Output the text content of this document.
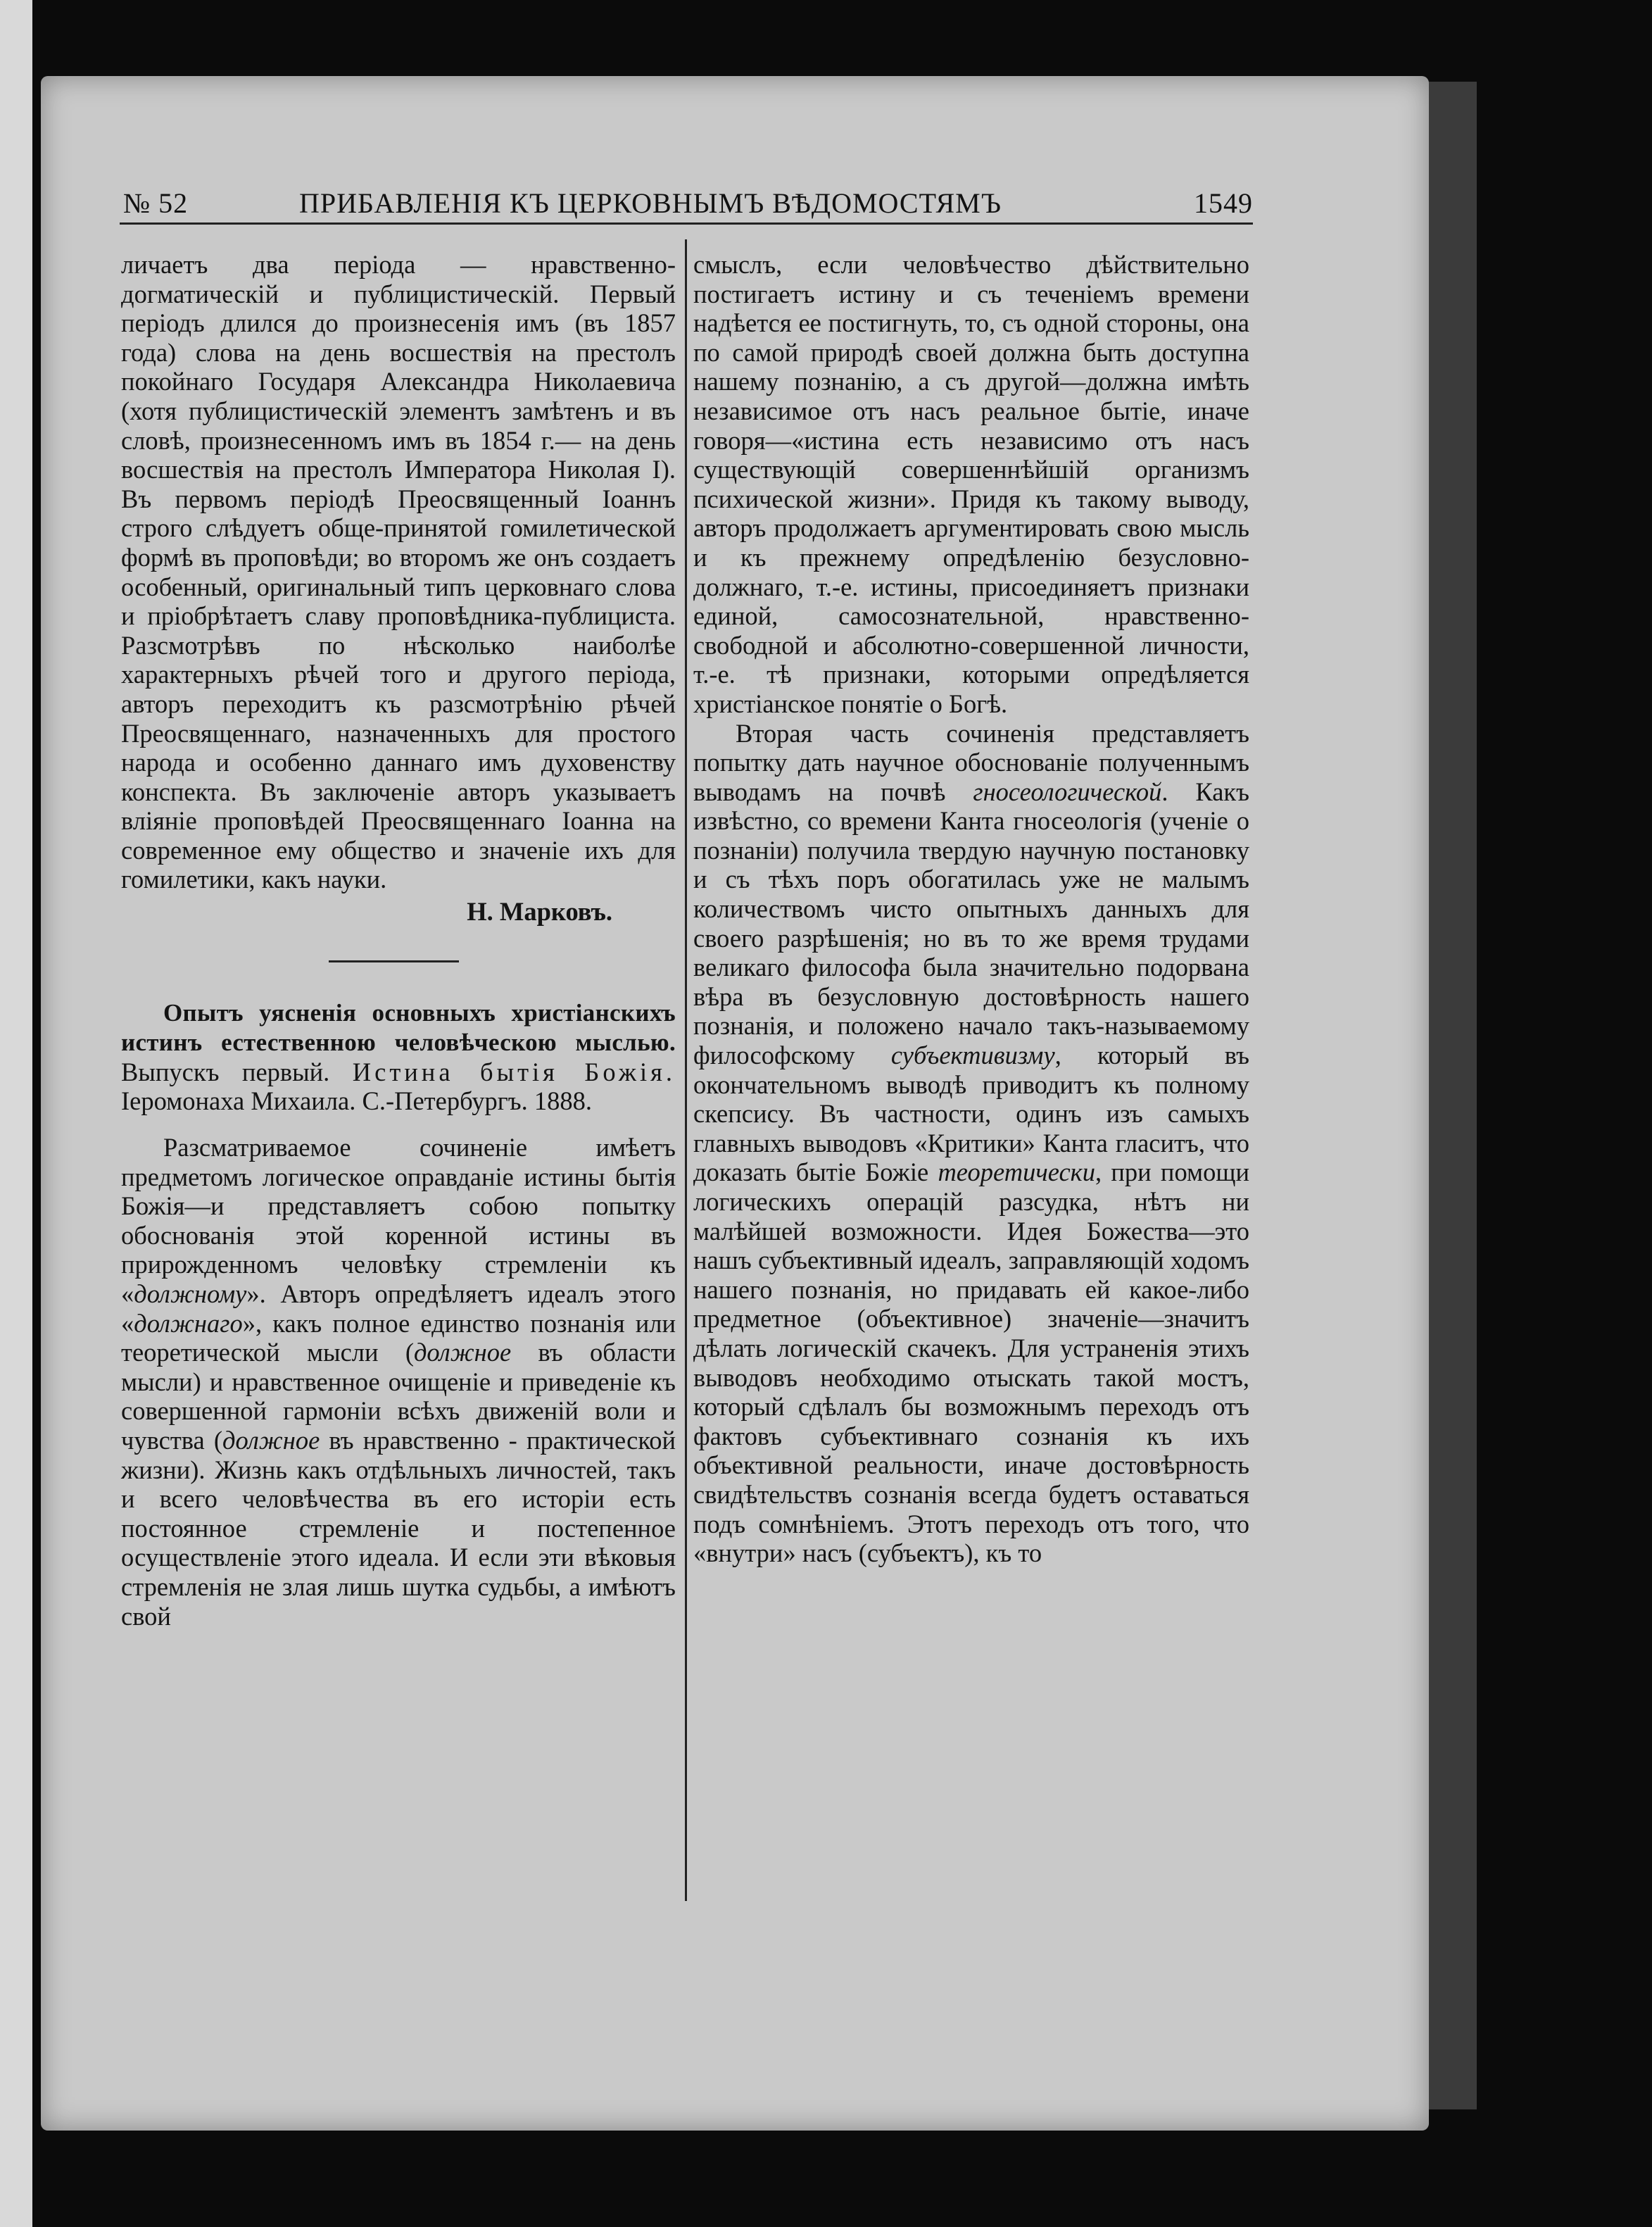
№ 52	ПРИБАВЛЕНІЯ КЪ ЦЕРКОВНЫМЪ ВѢДОМОСТЯМЪ	1549

личаетъ два періода — нравственно-догматическій и публицистическій. Первый періодъ длился до произнесенія имъ (въ 1857 года) слова на день восшествія на престолъ покойнаго Государя Александра Николаевича (хотя публицистическій элементъ замѣтенъ и въ словѣ, произнесенномъ имъ въ 1854 г.— на день восшествія на престолъ Императора Николая I). Въ первомъ періодѣ Преосвященный Іоаннъ строго слѣдуетъ обще-принятой гомилетической формѣ въ проповѣди; во второмъ же онъ создаетъ особенный, оригинальный типъ церковнаго слова и пріобрѣтаетъ славу проповѣдника-публициста. Разсмотрѣвъ по нѣсколько наиболѣе характерныхъ рѣчей того и другого періода, авторъ переходитъ къ разсмотрѣнію рѣчей Преосвященнаго, назначенныхъ для простого народа и особенно даннаго имъ духовенству конспекта. Въ заключеніе авторъ указываетъ вліяніе проповѣдей Преосвященнаго Іоанна на современное ему общество и значеніе ихъ для гомилетики, какъ науки.

Н. Марковъ.

Опытъ уясненія основныхъ христіанскихъ истинъ естественною человѣческою мыслью. Выпускъ первый. Истина бытія Божія. Іеромонаха Михаила. С.-Петербургъ. 1888.

Разсматриваемое сочиненіе имѣетъ предметомъ логическое оправданіе истины бытія Божія—и представляетъ собою попытку обоснованія этой коренной истины въ прирожденномъ человѣку стремленіи къ «должному». Авторъ опредѣляетъ идеалъ этого «должнаго», какъ полное единство познанія или теоретической мысли (должное въ области мысли) и нравственное очищеніе и приведеніе къ совершенной гармоніи всѣхъ движеній воли и чувства (должное въ нравственно - практической жизни). Жизнь какъ отдѣльныхъ личностей, такъ и всего человѣчества въ его исторіи есть постоянное стремленіе и постепенное осуществленіе этого идеала. И если эти вѣковыя стремленія не злая лишь шутка судьбы, а имѣютъ свой

смыслъ, если человѣчество дѣйствительно постигаетъ истину и съ теченіемъ времени надѣется ее постигнуть, то, съ одной стороны, она по самой природѣ своей должна быть доступна нашему познанію, а съ другой—должна имѣть независимое отъ насъ реальное бытіе, иначе говоря—«истина есть независимо отъ насъ существующій совершеннѣйшій организмъ психической жизни». Придя къ такому выводу, авторъ продолжаетъ аргументировать свою мысль и къ прежнему опредѣленію безусловно-должнаго, т.-е. истины, присоединяетъ признаки единой, самосознательной, нравственно-свободной и абсолютно-совершенной личности, т.-е. тѣ признаки, которыми опредѣляется христіанское понятіе о Богѣ.

Вторая часть сочиненія представляетъ попытку дать научное обоснованіе полученнымъ выводамъ на почвѣ гносеологической. Какъ извѣстно, со времени Канта гносеологія (ученіе о познаніи) получила твердую научную постановку и съ тѣхъ поръ обогатилась уже не малымъ количествомъ чисто опытныхъ данныхъ для своего разрѣшенія; но въ то же время трудами великаго философа была значительно подорвана вѣра въ безусловную достовѣрность нашего познанія, и положено начало такъ-называемому философскому субъективизму, который въ окончательномъ выводѣ приводитъ къ полному скепсису. Въ частности, одинъ изъ самыхъ главныхъ выводовъ «Критики» Канта гласитъ, что доказать бытіе Божіе теоретически, при помощи логическихъ операцій разсудка, нѣтъ ни малѣйшей возможности. Идея Божества—это нашъ субъективный идеалъ, заправляющій ходомъ нашего познанія, но придавать ей какое-либо предметное (объективное) значеніе—значитъ дѣлать логическій скачекъ. Для устраненія этихъ выводовъ необходимо отыскать такой мостъ, который сдѣлалъ бы возможнымъ переходъ отъ фактовъ субъективнаго сознанія къ ихъ объективной реальности, иначе достовѣрность свидѣтельствъ сознанія всегда будетъ оставаться подъ сомнѣніемъ. Этотъ переходъ отъ того, что «внутри» насъ (субъектъ), къ то
